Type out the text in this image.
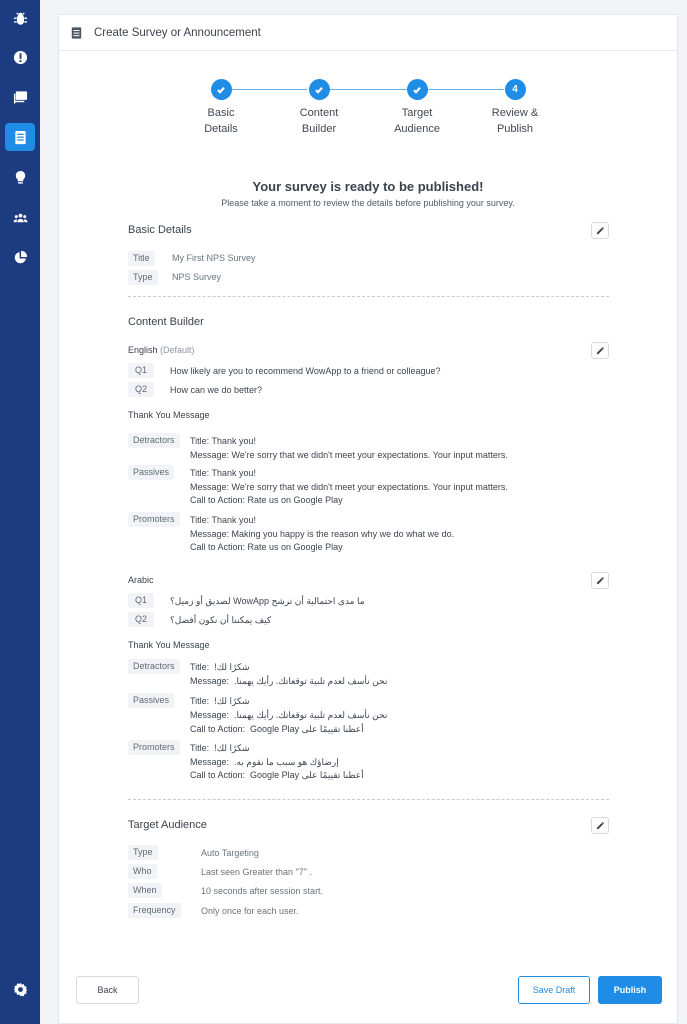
Create Survey or Announcement
Basic
Details
Content
Builder
Target
Audience
4
Review &
Publish
Your survey is ready to be published!
Please take a moment to review the details before publishing your survey.
Basic Details
Title	My First NPS Survey
Type	NPS Survey
Content Builder
English (Default)
Q1	How likely are you to recommend WowApp to a friend or colleague?
Q2	How can we do better?
Thank You Message
Detractors	Title: Thank you!
Message: We're sorry that we didn't meet your expectations. Your input matters.
Passives	Title: Thank you!
Message: We're sorry that we didn't meet your expectations. Your input matters.
Call to Action: Rate us on Google Play
Promoters	Title: Thank you!
Message: Making you happy is the reason why we do what we do.
Call to Action: Rate us on Google Play
Arabic
Q1	ما مدى احتمالية أن ترشح WowApp لصديق أو زميل؟
Q2	كيف يمكننا أن نكون أفضل؟
Thank You Message
Detractors	Title: شكرًا لك!
Message: نحن نأسف لعدم تلبية توقعاتك. رأيك يهمنا.
Passives	Title: شكرًا لك!
Message: نحن نأسف لعدم تلبية توقعاتك. رأيك يهمنا.
Call to Action: Google Play أعطنا تقييمًا على
Promoters	Title: شكرًا لك!
Message: إرضاؤك هو سبب ما نقوم به.
Call to Action: Google Play أعطنا تقييمًا على
Target Audience
Type	Auto Targeting
Who	Last seen Greater than "7" .
When	10 seconds after session start.
Frequency	Only once for each user.
Back	Save Draft	Publish
